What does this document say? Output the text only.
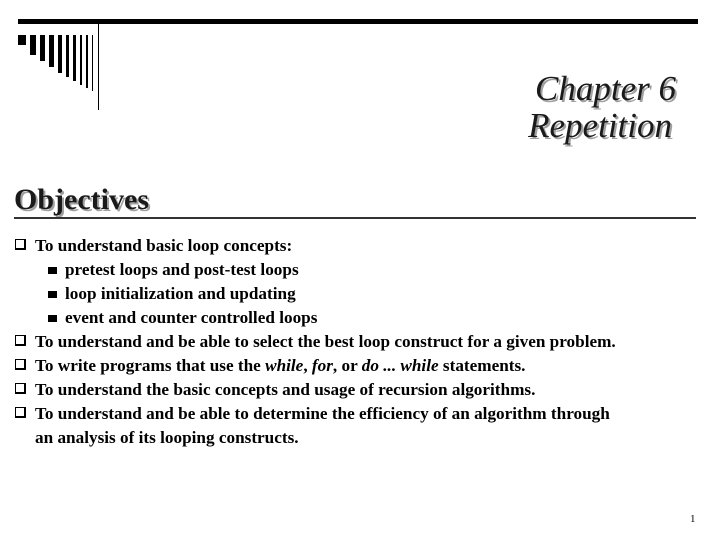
Chapter 6
Repetition
Objectives
To understand basic loop concepts:
pretest loops and post-test loops
loop initialization and updating
event and counter controlled loops
To understand and be able to select the best loop construct for a given problem.
To write programs that use the while, for, or do ... while statements.
To understand the basic concepts and usage of recursion algorithms.
To understand and be able to determine the efficiency of an algorithm through
an analysis of its looping constructs.
1
